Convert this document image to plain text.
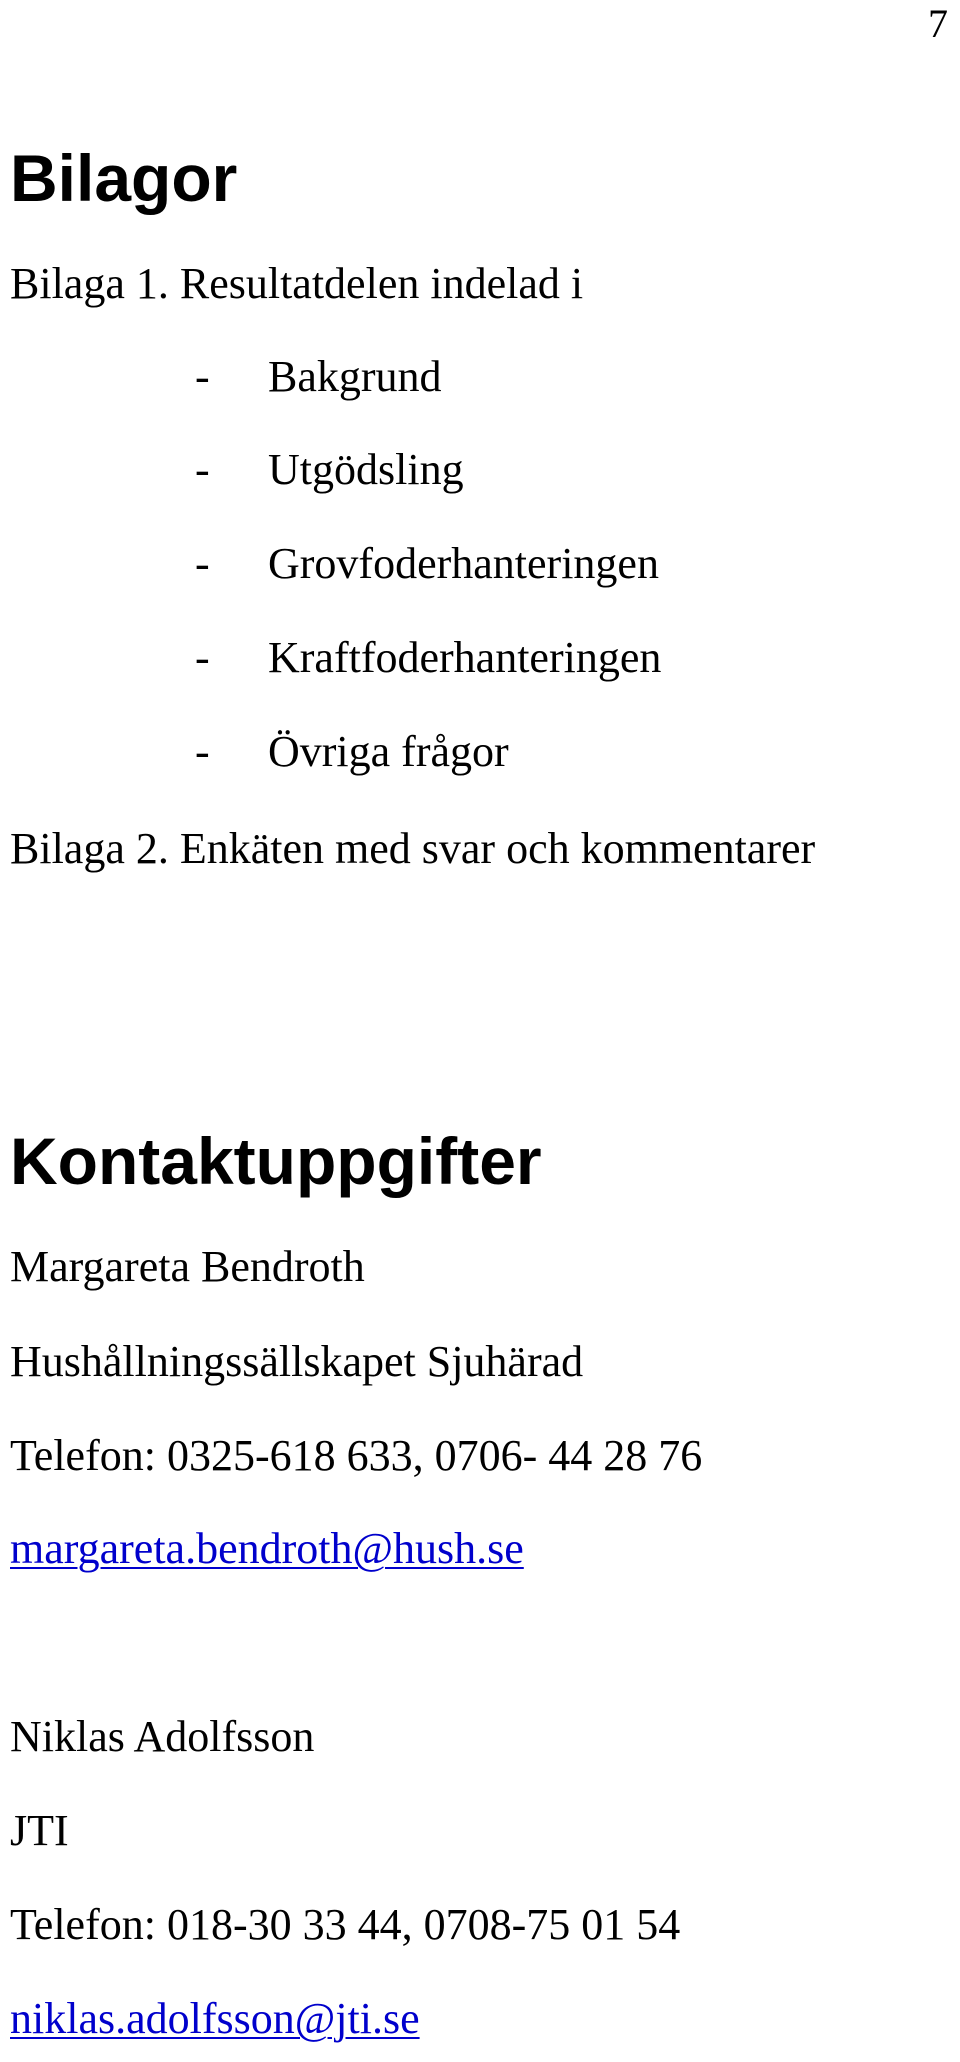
7
Bilagor

Bilaga 1. Resultatdelen indelad i

- Bakgrund
- Utgödsling
- Grovfoderhanteringen
- Kraftfoderhanteringen
- Övriga frågor

Bilaga 2. Enkäten med svar och kommentarer

Kontaktuppgifter

Margareta Bendroth

Hushållningssällskapet Sjuhärad

Telefon: 0325-618 633, 0706- 44 28 76

margareta.bendroth@hush.se

Niklas Adolfsson

JTI

Telefon: 018-30 33 44, 0708-75 01 54

niklas.adolfsson@jti.se
